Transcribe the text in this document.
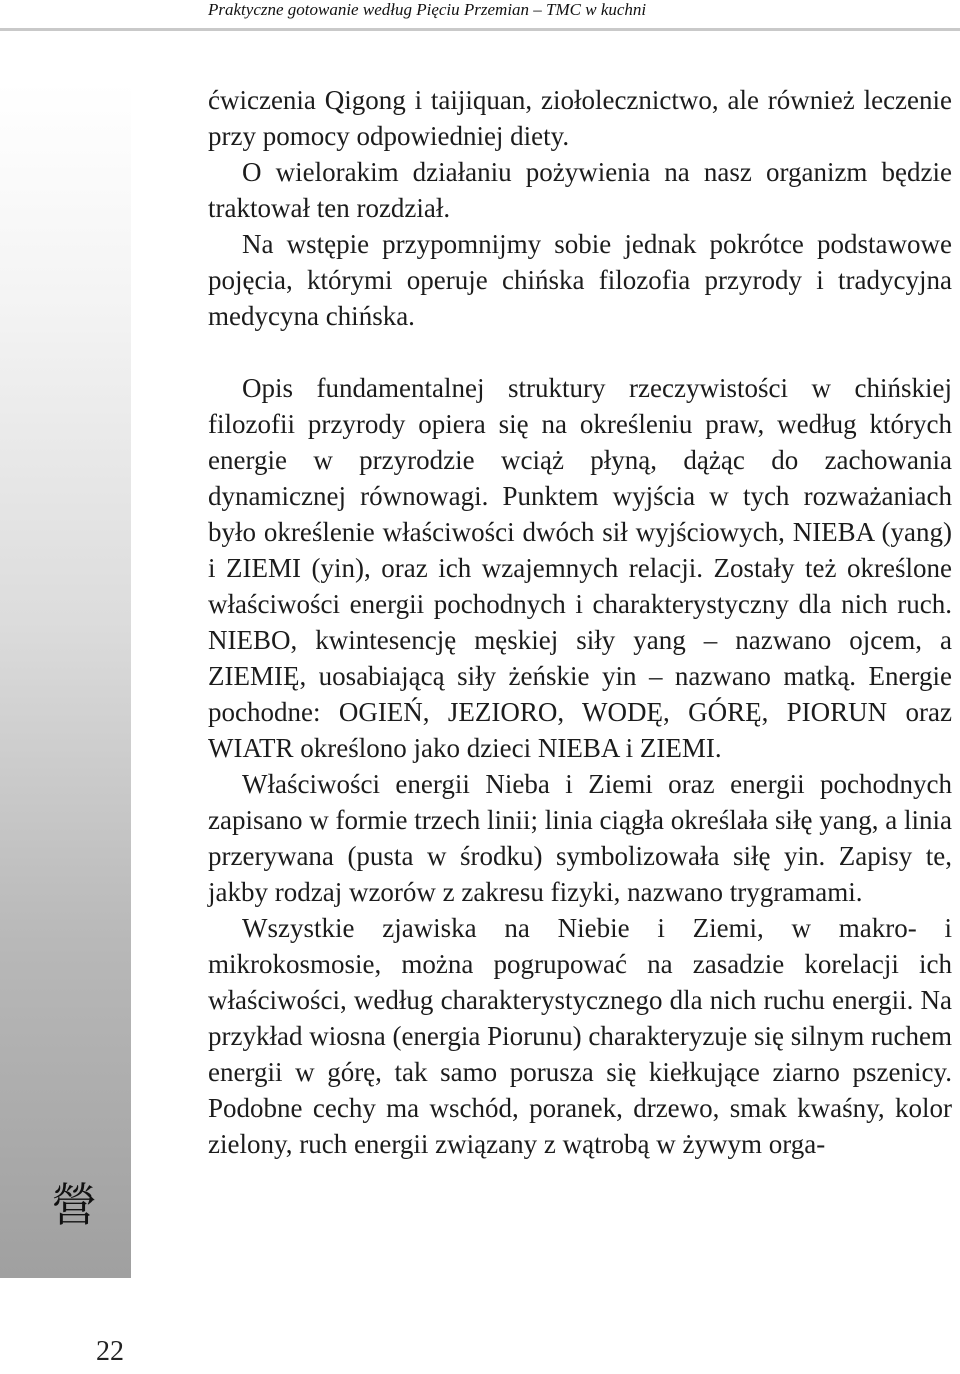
Praktyczne gotowanie według Pięciu Przemian – TMC w kuchni
營
22

ćwiczenia Qigong i taijiquan, ziołolecznictwo, ale również leczenie przy pomocy odpowiedniej diety.

O wielorakim działaniu pożywienia na nasz organizm będzie traktował ten rozdział.

Na wstępie przypomnijmy sobie jednak pokrótce podstawowe pojęcia, którymi operuje chińska filozofia przyrody i tradycyjna medycyna chińska.

Opis fundamentalnej struktury rzeczywistości w chińskiej filozofii przyrody opiera się na określeniu praw, według których energie w przyrodzie wciąż płyną, dążąc do zachowania dynamicznej równowagi. Punktem wyjścia w tych rozważaniach było określenie właściwości dwóch sił wyjściowych, NIEBA (yang) i ZIEMI (yin), oraz ich wzajemnych relacji. Zostały też określone właściwości energii pochodnych i charakterystyczny dla nich ruch. NIEBO, kwintesencję męskiej siły yang – nazwano ojcem, a ZIEMIĘ, uosabiającą siły żeńskie yin – nazwano matką. Energie pochodne: OGIEŃ, JEZIORO, WODĘ, GÓRĘ, PIORUN oraz WIATR określono jako dzieci NIEBA i ZIEMI.

Właściwości energii Nieba i Ziemi oraz energii pochodnych zapisano w formie trzech linii; linia ciągła określała siłę yang, a linia przerywana (pusta w środku) symbolizowała siłę yin. Zapisy te, jakby rodzaj wzorów z zakresu fizyki, nazwano trygramami.

Wszystkie zjawiska na Niebie i Ziemi, w makro- i mikrokosmosie, można pogrupować na zasadzie korelacji ich właściwości, według charakterystycznego dla nich ruchu energii. Na przykład wiosna (energia Piorunu) charakteryzuje się silnym ruchem energii w górę, tak samo porusza się kiełkujące ziarno pszenicy. Podobne cechy ma wschód, poranek, drzewo, smak kwaśny, kolor zielony, ruch energii związany z wątrobą w żywym orga-
